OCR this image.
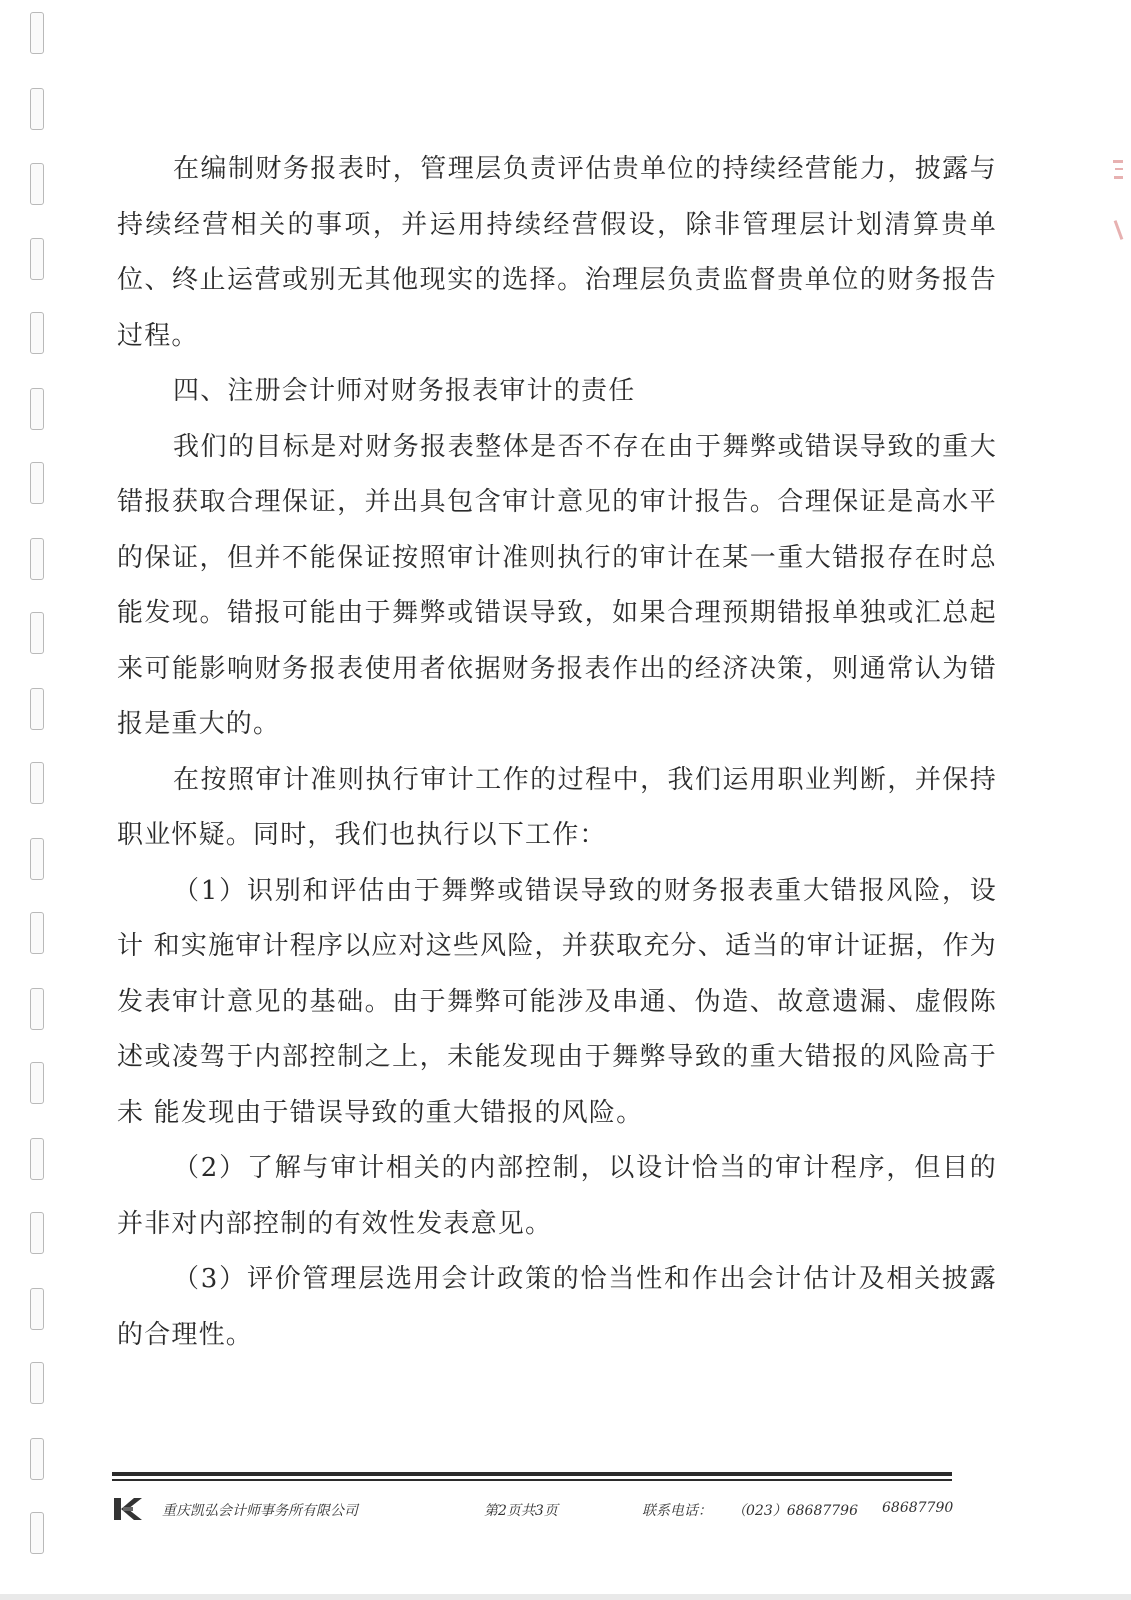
在编制财务报表时，管理层负责评估贵单位的持续经营能力，披露与持续经营相关的事项，并运用持续经营假设，除非管理层计划清算贵单位、终止运营或别无其他现实的选择。治理层负责监督贵单位的财务报告过程。

四、注册会计师对财务报表审计的责任

我们的目标是对财务报表整体是否不存在由于舞弊或错误导致的重大错报获取合理保证，并出具包含审计意见的审计报告。合理保证是高水平的保证，但并不能保证按照审计准则执行的审计在某一重大错报存在时总能发现。错报可能由于舞弊或错误导致，如果合理预期错报单独或汇总起来可能影响财务报表使用者依据财务报表作出的经济决策，则通常认为错报是重大的。

在按照审计准则执行审计工作的过程中，我们运用职业判断，并保持职业怀疑。同时，我们也执行以下工作：

（1）识别和评估由于舞弊或错误导致的财务报表重大错报风险，设计 和实施审计程序以应对这些风险，并获取充分、适当的审计证据，作为发表审计意见的基础。由于舞弊可能涉及串通、伪造、故意遗漏、虚假陈述或凌驾于内部控制之上，未能发现由于舞弊导致的重大错报的风险高于未 能发现由于错误导致的重大错报的风险。

（2）了解与审计相关的内部控制，以设计恰当的审计程序，但目的并非对内部控制的有效性发表意见。

（3）评价管理层选用会计政策的恰当性和作出会计估计及相关披露的合理性。

重庆凯弘会计师事务所有限公司	第2页共3页	联系电话： （023）68687796 68687790
